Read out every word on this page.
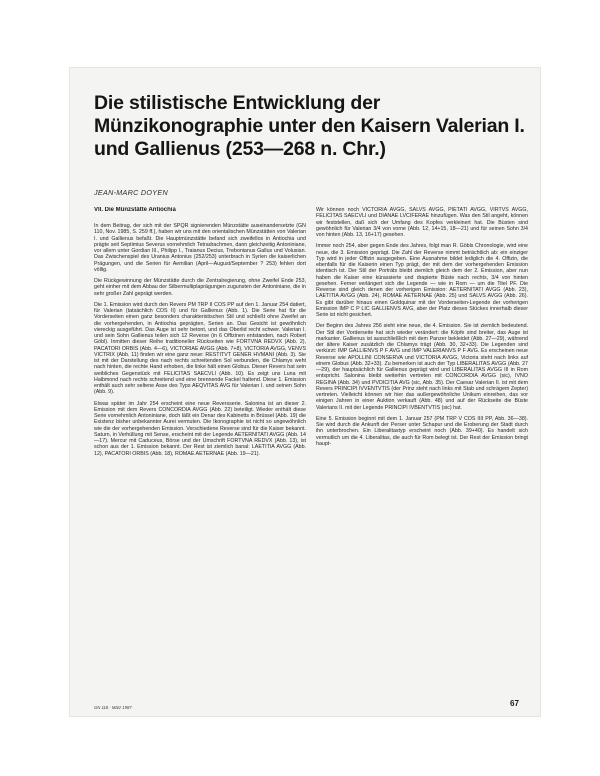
Die stilistische Entwicklung der Münzikonographie unter den Kaisern Valerian I. und Gallienus (253—268 n. Chr.)
JEAN-MARC DOYEN
VII. Die Münzstätte Antiochia

In dem Beitrag, der sich mit der SPQR signierenden Münzstätte auseinandersetzte (GN 110, Nov. 1985, S. 259 ff.), haben wir uns mit den orientalischen Münzstätten von Valerian I. und Gallienus befaßt. Die Hauptmünzstätte befand sich zweifellos in Antiochia und prägte seit Septimius Severus vornehmlich Tetradrachmen, dann gleichzeitig Antoniniane, vor allem unter Gordian III., Philipp I., Traianus Decius, Trebonianus Gallus und Volusian. Das Zwischenspiel des Uranius Antonius (252/253) unterbrach in Syrien die kaiserlichen Prägungen, und die Serien für Aemilian (April—August/September ? 253) fehlen dort völlig.

Die Rückgewinnung der Münzstätte durch die Zentralregierung, ohne Zweifel Ende 253, geht einher mit dem Abbau der Silbermultiplaprägungen zugunsten der Antoniniane, die in sehr großer Zahl geprägt werden.

Die 1. Emission wird durch den Revers PM TRP II COS PP auf den 1. Januar 254 datiert, für Valerian (tatsächlich COS II) und für Gallienus (Abb. 1). Die Serie hat für die Vorderseiten einen ganz besonders charakteristischen Stil und schließt ohne Zweifel an die vorhergehenden, in Antiochia geprägten, Serien an. Das Gesicht ist gewöhnlich viereckig ausgeführt. Das Auge ist sehr betont, und das Oberlid recht schwer. Valerian I. und sein Sohn Gallienus teilen sich 12 Reverse (in 6 Offizinen entstanden, nach Robert Göbl). Inmitten dieser Reihe traditioneller Rückseiten wie FORTVNA REDVX (Abb. 2), PACATORI ORBIS (Abb. 4—6), VICTORIAE AVGG (Abb. 7+8), VICTORIA AVGG, VENVS VICTRIX (Abb. 11) finden wir eine ganz neue: RESTITVT GENER HVMANI (Abb. 3). Sie ist mit der Darstellung des nach rechts schreitenden Sol verbunden, die Chlamys weht nach hinten, die rechte Hand erhoben, die linke hält einen Globus. Dieser Revers hat sein weibliches Gegenstück mit FELICITAS SAECVLI (Abb. 10). Es zeigt uns Luna mit Halbmond nach rechts schreitend und eine brennende Fackel haltend. Diese 1. Emission enthält auch sehr seltene Asse des Typs AEQVITAS AVG für Valerian I. und seinen Sohn (Abb. 9).

Etwas später im Jahr 254 erscheint eine neue Reversserie. Salonina ist an dieser 2. Emission mit dem Revers CONCORDIA AVGG (Abb. 22) beteiligt. Wieder enthält diese Serie vornehmlich Antoniniane, doch läßt ein Denar des Kabinetts in Brüssel (Abb. 19) die Existenz bisher unbekannter Aurei vermuten. Die Ikonographie ist nicht so ungewöhnlich wie die der vorhergehenden Emission. Verschiedene Reverse sind für die Kaiser bekannt. Saturn, in Verhüllung mit Sense, erscheint mit der Legende AETERNITATI AVGG (Abb. 14—17). Mercur mit Caduceus, Börse und der Umschrift FORTVNA REDVX (Abb. 13), ist schon aus der 1. Emission bekannt. Der Rest ist ziemlich banal: LAETITIA AVGG (Abb. 12), PACATORI ORBIS (Abb. 18), ROMAE AETERNAE (Abb. 19—21).

Wir können noch VICTORIA AVGG, SALVS AVGG, PIETATI AVGG, VIRTVS AVGG, FELICITAS SAECVLI und DIANAE LVCIFERAE hinzufügen. Was den Stil angeht, können wir feststellen, daß sich der Umfang des Kopfes verkleinert hat. Die Büsten sind gewöhnlich für Valerian 3/4 von vorne (Abb. 12, 14+15, 18—21) und für seinen Sohn 3/4 von hinten (Abb. 13, 16+17) gesehen.

Immer noch 254, aber gegen Ende des Jahres, folgt man R. Göbls Chronologie, wird eine neue, die 3. Emission geprägt. Die Zahl der Reverse nimmt beträchtlich ab: ein einziger Typ wird in jeder Offizin ausgegeben. Eine Ausnahme bildet lediglich die 4. Offizin, die ebenfalls für die Kaiserin einen Typ prägt, der mit dem der vorhergehenden Emission identisch ist. Der Stil der Porträts bleibt ziemlich gleich dem der 2. Emission, aber nun haben die Kaiser eine kürassierte und drapierte Büste nach rechts, 3/4 von hinten gesehen. Ferner verlängert sich die Legende — wie in Rom — um die Titel PF. Die Reverse sind gleich denen der vorherigen Emission: AETERNITATI AVGG (Abb. 23), LAETITIA AVGG (Abb. 24), ROMAE AETERNAE (Abb. 25) und SALVS AVGG (Abb. 26). Es gibt darüber hinaus einen Goldquinar mit der Vorderseiten-Legende der vorherigen Emission IMP C P LIC GALLIENVS AVG, aber der Platz dieses Stückes innerhalb dieser Serie ist nicht gesichert.

Der Beginn des Jahres 256 sieht eine neue, die 4. Emission. Sie ist ziemlich bedeutend. Der Stil der Vorderseite hat sich wieder verändert: die Köpfe sind breiter, das Auge ist markanter. Gallienus ist ausschließlich mit dem Panzer bekleidet (Abb. 27—29), während der ältere Kaiser zusätzlich die Chlamys trägt (Abb. 30, 32+33). Die Legenden sind verkürzt: IMP GALLIENVS P F AVG und IMP VALERIANVS P F AVG. Es erscheinen neue Reverse wie APOLLINI CONSERVA und VICTORIA AVGG, Victoria steht nach links auf einem Globus (Abb. 32+33). Zu bemerken ist auch der Typ LIBERALITAS AVGG (Abb. 27—29), der hauptsächlich für Gallienus geprägt wird und LIBERALITAS AVGG III in Rom entspricht. Salonina bleibt weiterhin vertreten mit CONCORDIA AVGG (sic), IVNO REGINA (Abb. 34) und PVDICITIA AVG (sic, Abb. 35). Der Caesar Valerian II. ist mit dem Revers PRINCIPI IVVENTVTIS (der Prinz steht nach links mit Stab und schrägem Zepter) vertreten. Vielleicht können wir hier das außergewöhnliche Unikum einreihen, das vor einigen Jahren in einer Auktion verkauft (Abb. 48) und auf der Rückseite die Büste Valerians II. mit der Legende PRINCIPI IVBENTVTIS (sic) hat.

Eine 5. Emission beginnt mit dem 1. Januar 257 (PM TRP V COS IIII PP, Abb. 36—38). Sie wird durch die Ankunft der Perser unter Schapur und die Eroberung der Stadt durch ihn unterbrochen. Ein Liberalitastyp erscheint noch (Abb. 39+40). Es handelt sich vermutlich um die 4. Liberalitas, die auch für Rom belegt ist. Der Rest der Emission bringt haupt-

GN 118 · März 1987	67
